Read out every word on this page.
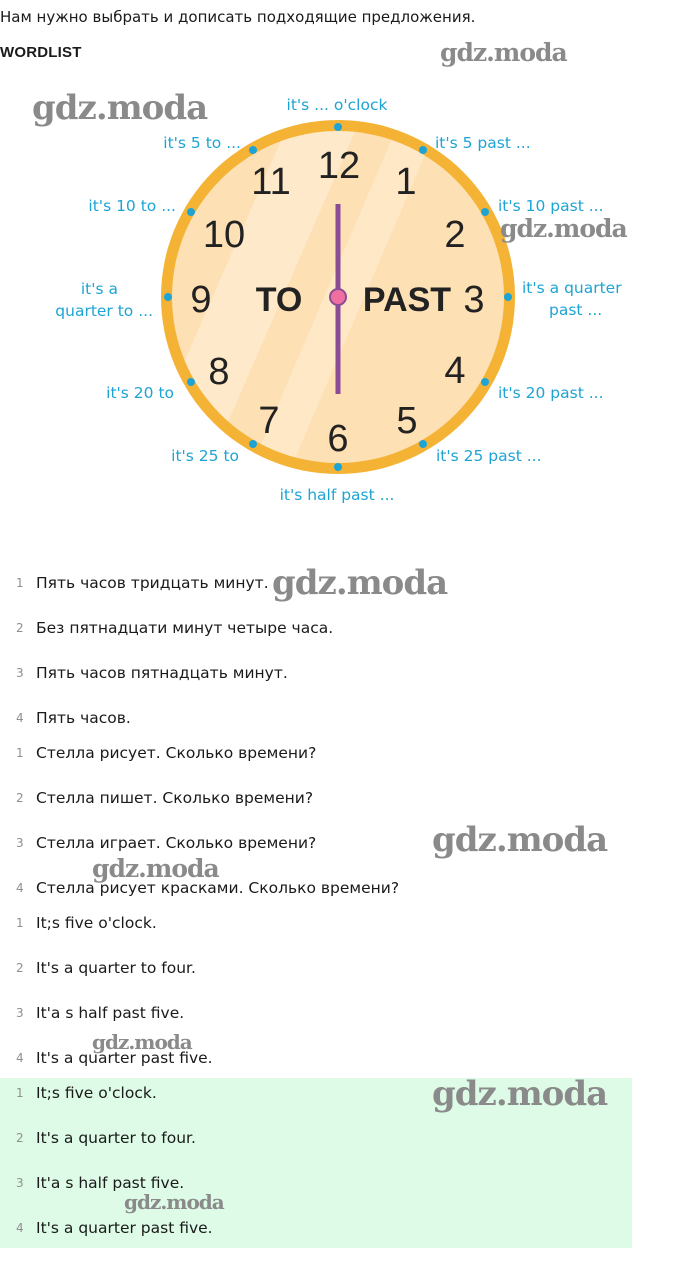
Нам нужно выбрать и дописать подходящие предложения.
WORDLIST
12 1
2
3
4
5
6
7
8
9
10
11
TO PAST
it's ... o'clock
it's 5 past ...
it's 10 past ...
it's a quarter
past ...
it's 20 past ...
it's 25 past ...
it's half past ...
it's 25 to
it's 20 to
it's a
quarter to ...
it's 10 to ...
it's 5 to ...
1 Пять часов тридцать минут.
2 Без пятнадцати минут четыре часа.
3 Пять часов пятнадцать минут.
4 Пять часов.
1 Стелла рисует. Сколько времени?
2 Стелла пишет. Сколько времени?
3 Стелла играет. Сколько времени?
4 Стелла рисует красками. Сколько времени?
1 It;s five o'clock.
2 It's a quarter to four.
3 It'a s half past five.
4 It's a quarter past five.
1 It;s five o'clock.
2 It's a quarter to four.
3 It'a s half past five.
4 It's a quarter past five.
gdz.moda
gdz.moda
gdz.moda
gdz.moda
gdz.moda
gdz.moda
gdz.moda
gdz.moda
gdz.moda
